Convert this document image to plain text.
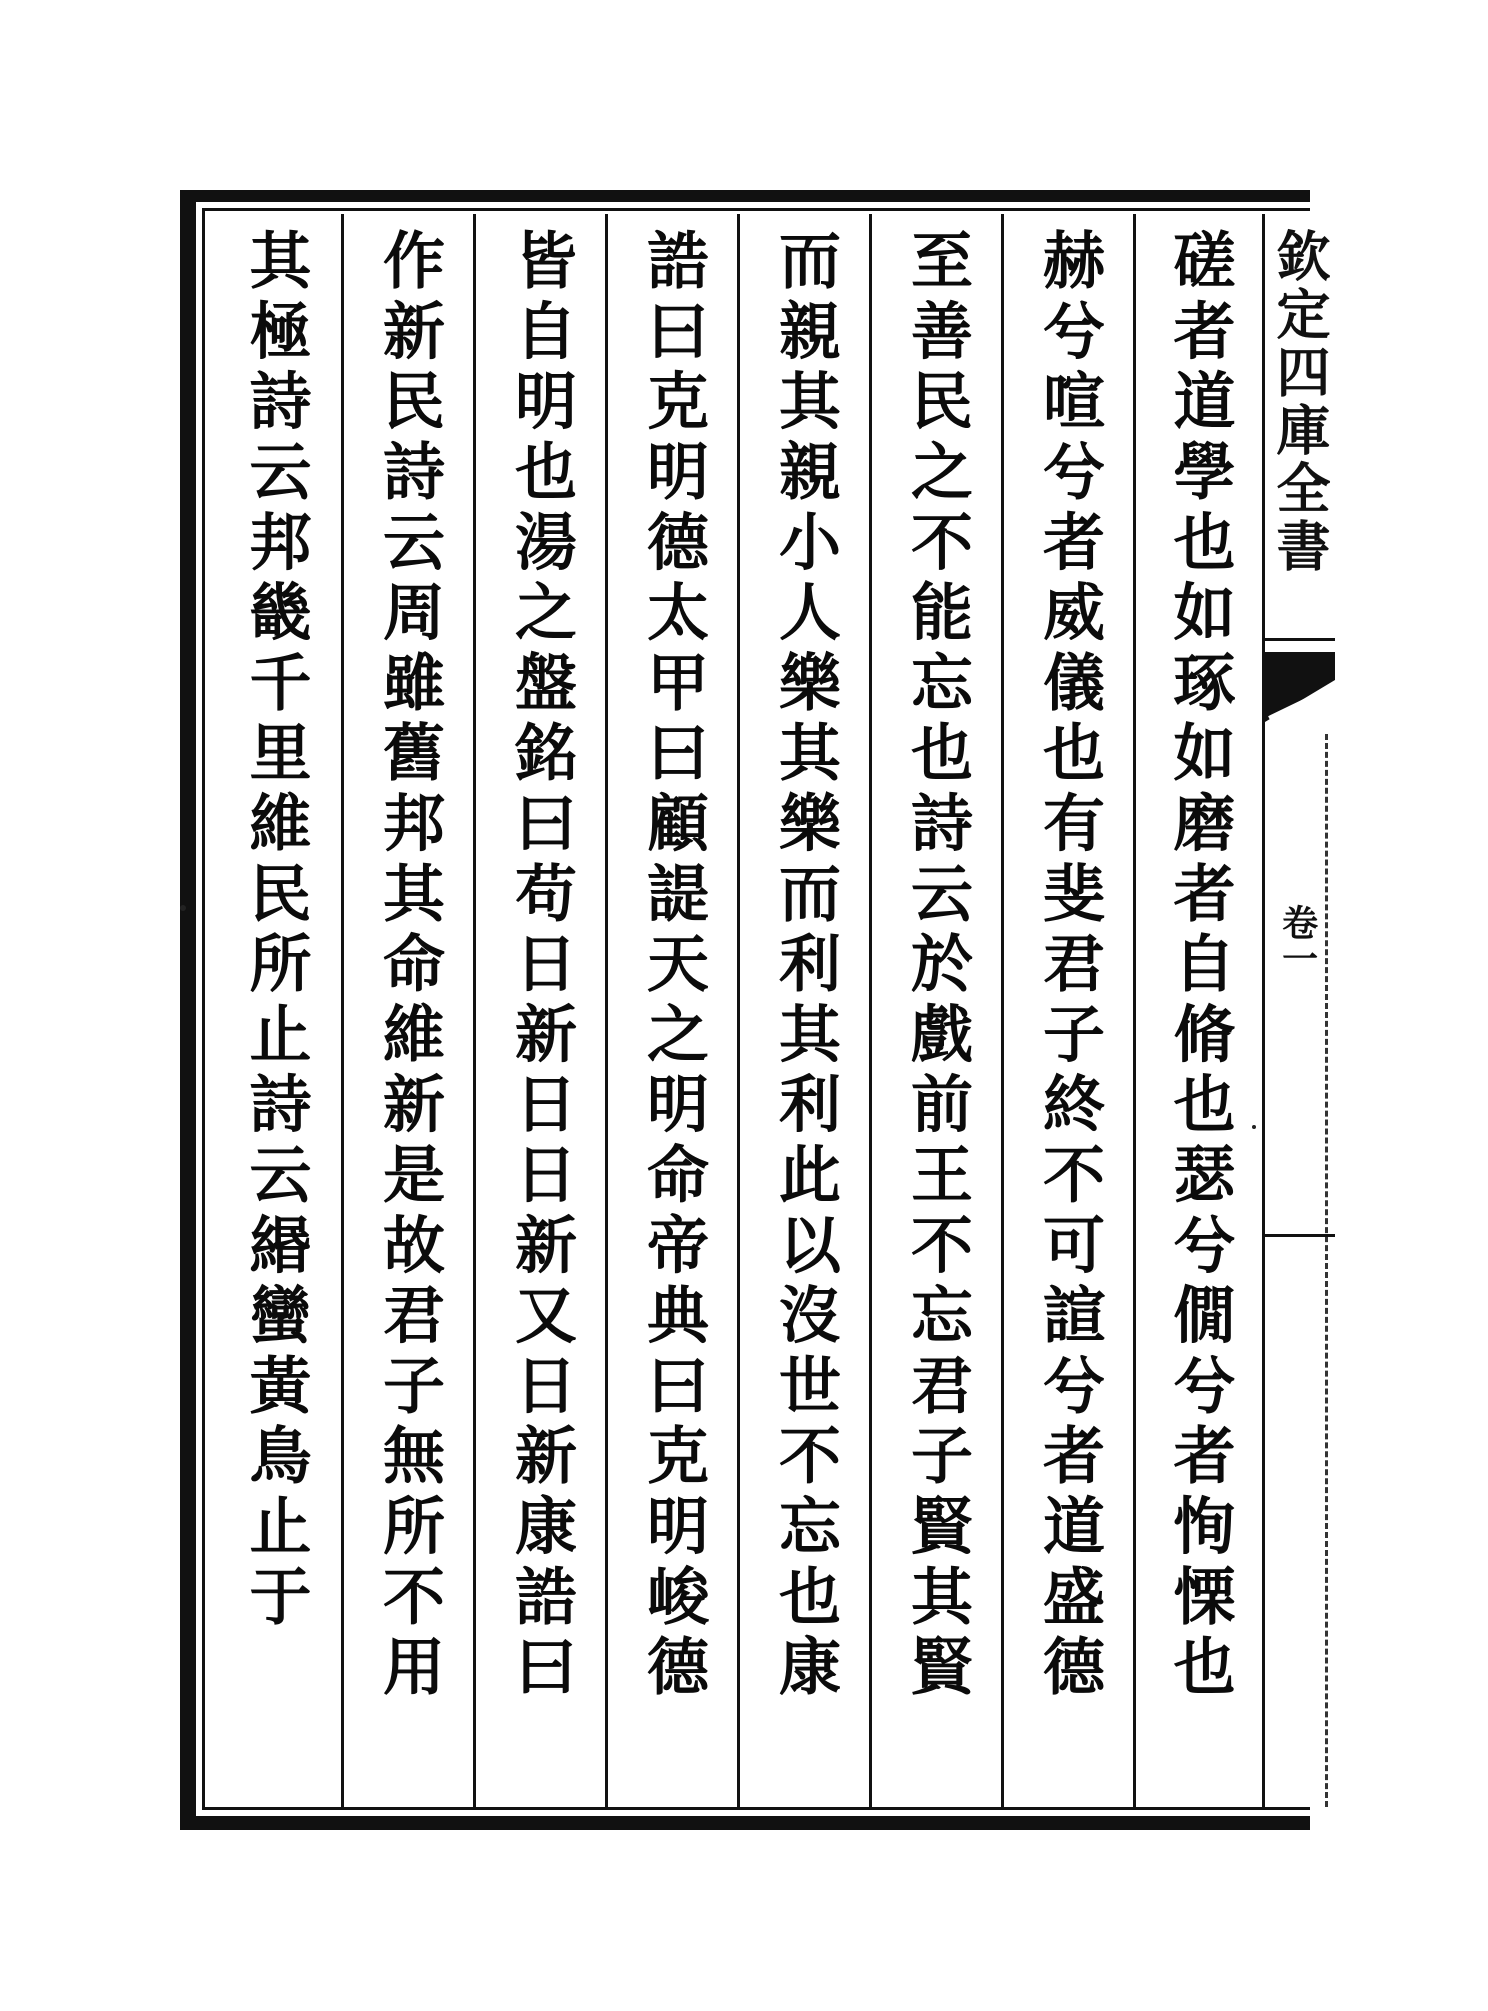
磋者道學也如琢如磨者自脩也瑟兮僩兮者恂慄也
赫兮喧兮者威儀也有斐君子終不可諠兮者道盛德
至善民之不能忘也詩云於戲前王不忘君子賢其賢
而親其親小人樂其樂而利其利此以沒世不忘也康
誥曰克明德太甲曰顧諟天之明命帝典曰克明峻德
皆自明也湯之盤銘曰苟日新日日新又日新康誥曰
作新民詩云周雖舊邦其命維新是故君子無所不用
其極詩云邦畿千里維民所止詩云緡蠻黃鳥止于	欽定四庫全書
卷一
